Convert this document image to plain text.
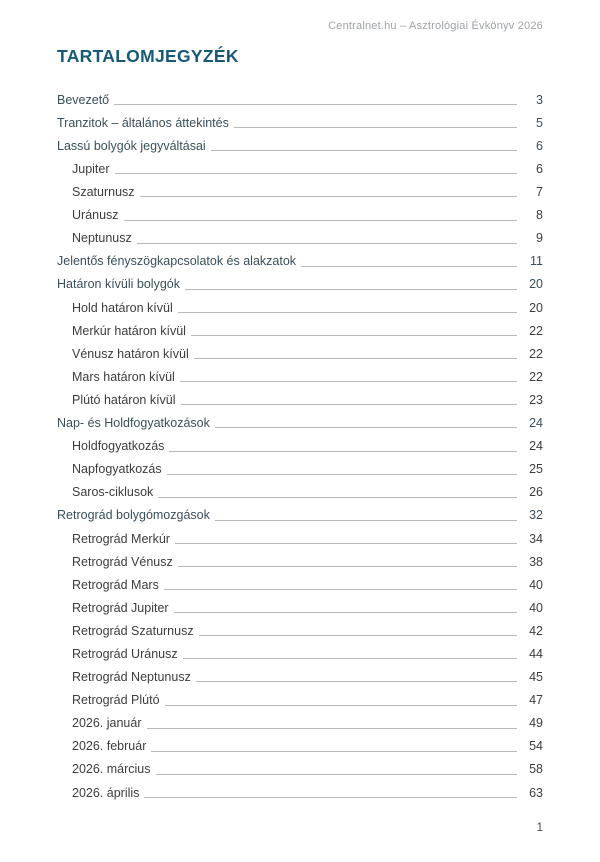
Centralnet.hu – Asztrológiai Évkönyv 2026
TARTALOMJEGYZÉK
Bevezető	3
Tranzitok – általános áttekintés	5
Lassú bolygók jegyváltásai	6
Jupiter	6
Szaturnusz	7
Uránusz	8
Neptunusz	9
Jelentős fényszögkapcsolatok és alakzatok	11
Határon kívüli bolygók	20
Hold határon kívül	20
Merkúr határon kívül	22
Vénusz határon kívül	22
Mars határon kívül	22
Plútó határon kívül	23
Nap- és Holdfogyatkozások	24
Holdfogyatkozás	24
Napfogyatkozás	25
Saros-ciklusok	26
Retrográd bolygómozgások	32
Retrográd Merkúr	34
Retrográd Vénusz	38
Retrográd Mars	40
Retrográd Jupiter	40
Retrográd Szaturnusz	42
Retrográd Uránusz	44
Retrográd Neptunusz	45
Retrográd Plútó	47
2026. január	49
2026. február	54
2026. március	58
2026. április	63
1
